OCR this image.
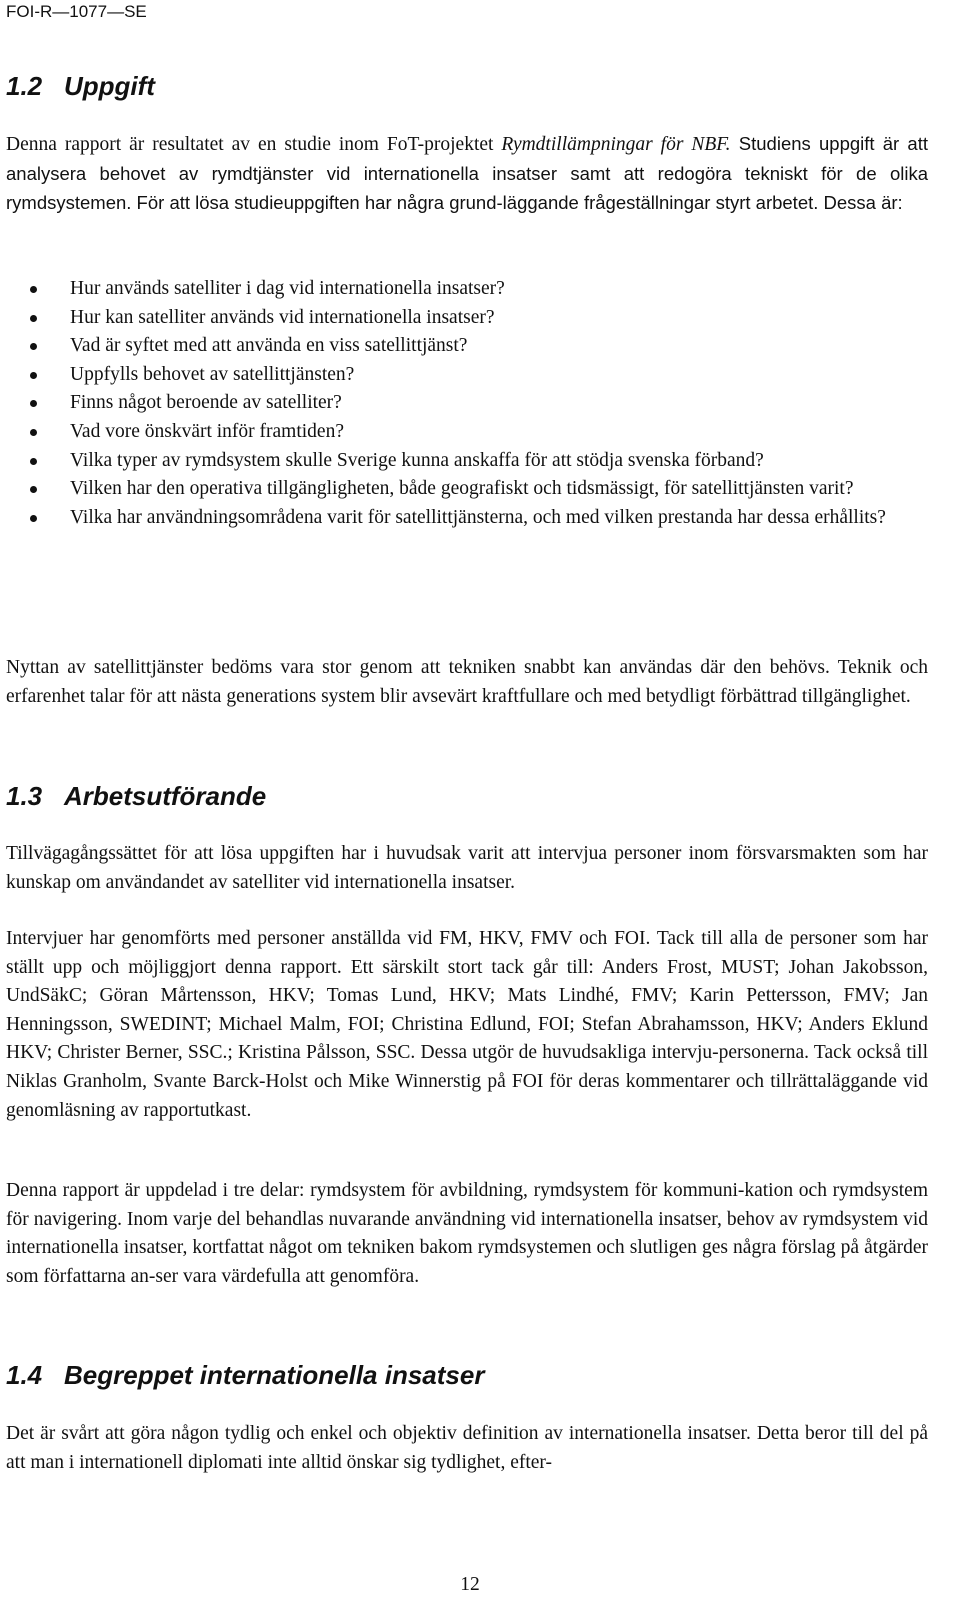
FOI-R—1077—SE
1.2 Uppgift

Denna rapport är resultatet av en studie inom FoT-projektet Rymdtillämpningar för NBF. Studiens uppgift är att analysera behovet av rymdtjänster vid internationella insatser samt att redogöra tekniskt för de olika rymdsystemen. För att lösa studieuppgiften har några grund-läggande frågeställningar styrt arbetet. Dessa är:

Hur används satelliter i dag vid internationella insatser?
Hur kan satelliter används vid internationella insatser?
Vad är syftet med att använda en viss satellittjänst?
Uppfylls behovet av satellittjänsten?
Finns något beroende av satelliter?
Vad vore önskvärt inför framtiden?
Vilka typer av rymdsystem skulle Sverige kunna anskaffa för att stödja svenska förband?
Vilken har den operativa tillgängligheten, både geografiskt och tidsmässigt, för satellittjänsten varit?
Vilka har användningsområdena varit för satellittjänsterna, och med vilken prestanda har dessa erhållits?

Nyttan av satellittjänster bedöms vara stor genom att tekniken snabbt kan användas där den behövs. Teknik och erfarenhet talar för att nästa generations system blir avsevärt kraftfullare och med betydligt förbättrad tillgänglighet.

1.3 Arbetsutförande

Tillvägagångssättet för att lösa uppgiften har i huvudsak varit att intervjua personer inom försvarsmakten som har kunskap om användandet av satelliter vid internationella insatser.

Intervjuer har genomförts med personer anställda vid FM, HKV, FMV och FOI. Tack till alla de personer som har ställt upp och möjliggjort denna rapport. Ett särskilt stort tack går till: Anders Frost, MUST; Johan Jakobsson, UndSäkC; Göran Mårtensson, HKV; Tomas Lund, HKV; Mats Lindhé, FMV; Karin Pettersson, FMV; Jan Henningsson, SWEDINT; Michael Malm, FOI; Christina Edlund, FOI; Stefan Abrahamsson, HKV; Anders Eklund HKV; Christer Berner, SSC.; Kristina Pålsson, SSC. Dessa utgör de huvudsakliga intervju-personerna. Tack också till Niklas Granholm, Svante Barck-Holst och Mike Winnerstig på FOI för deras kommentarer och tillrättaläggande vid genomläsning av rapportutkast.

Denna rapport är uppdelad i tre delar: rymdsystem för avbildning, rymdsystem för kommuni-kation och rymdsystem för navigering. Inom varje del behandlas nuvarande användning vid internationella insatser, behov av rymdsystem vid internationella insatser, kortfattat något om tekniken bakom rymdsystemen och slutligen ges några förslag på åtgärder som författarna an-ser vara värdefulla att genomföra.

1.4 Begreppet internationella insatser

Det är svårt att göra någon tydlig och enkel och objektiv definition av internationella insatser. Detta beror till del på att man i internationell diplomati inte alltid önskar sig tydlighet, efter-

12
